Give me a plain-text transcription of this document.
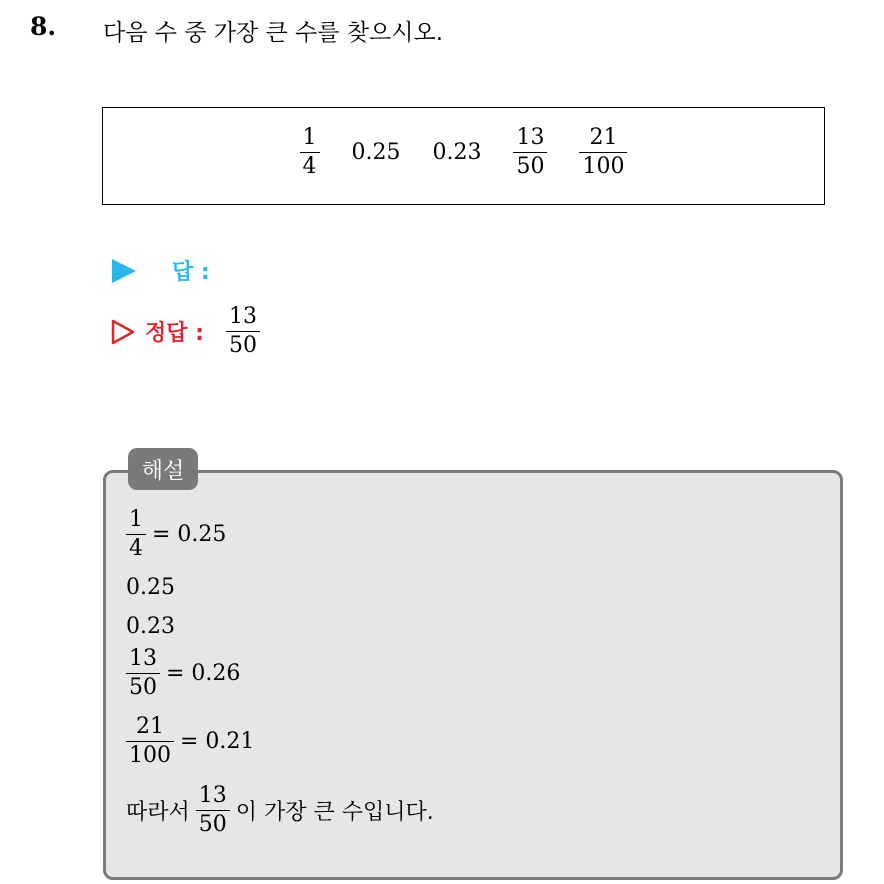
8. 다음 수 중 가장 큰 수를 찾으시오.
$\frac{1}{4} 0.25$ $0.23 \frac{13}{50} \frac{21}{100}$
답 :
정답 : $\frac{13}{50}$
해설
$\frac{1}{4} = 0.25$
0.25
0.23
$\frac{13}{50} = 0.26$
$\frac{21}{100} = 0.21$
따라서 $\frac{13}{50}$ 이 가장 큰 수입니다.
